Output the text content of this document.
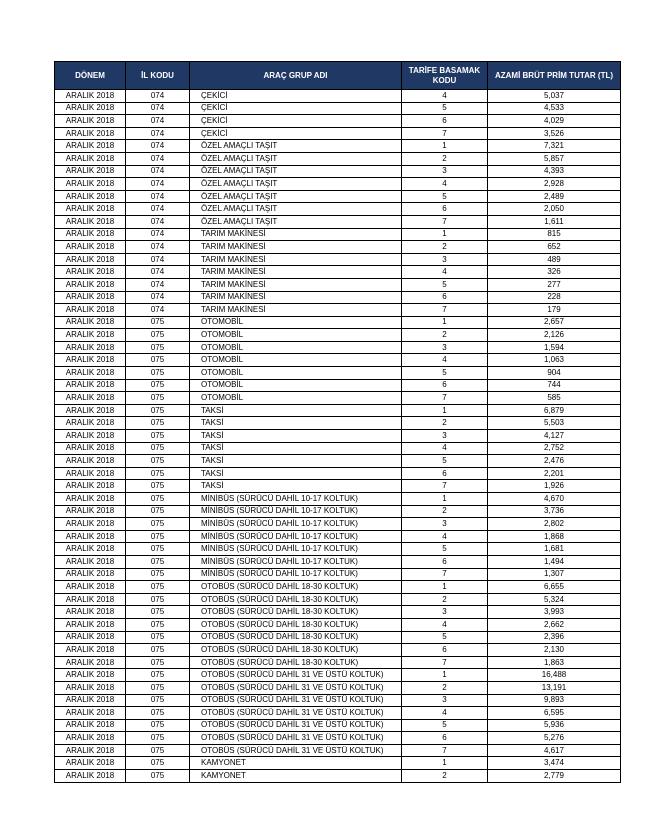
DÖNEM	İL KODU	ARAÇ GRUP ADI	TARİFE BASAMAK KODU	AZAMİ BRÜT PRİM TUTAR (TL)
ARALIK 2018	074	ÇEKİCİ	4	5,037
ARALIK 2018	074	ÇEKİCİ	5	4,533
ARALIK 2018	074	ÇEKİCİ	6	4,029
ARALIK 2018	074	ÇEKİCİ	7	3,526
ARALIK 2018	074	ÖZEL AMAÇLI TAŞIT	1	7,321
ARALIK 2018	074	ÖZEL AMAÇLI TAŞIT	2	5,857
ARALIK 2018	074	ÖZEL AMAÇLI TAŞIT	3	4,393
ARALIK 2018	074	ÖZEL AMAÇLI TAŞIT	4	2,928
ARALIK 2018	074	ÖZEL AMAÇLI TAŞIT	5	2,489
ARALIK 2018	074	ÖZEL AMAÇLI TAŞIT	6	2,050
ARALIK 2018	074	ÖZEL AMAÇLI TAŞIT	7	1,611
ARALIK 2018	074	TARIM MAKİNESİ	1	815
ARALIK 2018	074	TARIM MAKİNESİ	2	652
ARALIK 2018	074	TARIM MAKİNESİ	3	489
ARALIK 2018	074	TARIM MAKİNESİ	4	326
ARALIK 2018	074	TARIM MAKİNESİ	5	277
ARALIK 2018	074	TARIM MAKİNESİ	6	228
ARALIK 2018	074	TARIM MAKİNESİ	7	179
ARALIK 2018	075	OTOMOBİL	1	2,657
ARALIK 2018	075	OTOMOBİL	2	2,126
ARALIK 2018	075	OTOMOBİL	3	1,594
ARALIK 2018	075	OTOMOBİL	4	1,063
ARALIK 2018	075	OTOMOBİL	5	904
ARALIK 2018	075	OTOMOBİL	6	744
ARALIK 2018	075	OTOMOBİL	7	585
ARALIK 2018	075	TAKSİ	1	6,879
ARALIK 2018	075	TAKSİ	2	5,503
ARALIK 2018	075	TAKSİ	3	4,127
ARALIK 2018	075	TAKSİ	4	2,752
ARALIK 2018	075	TAKSİ	5	2,476
ARALIK 2018	075	TAKSİ	6	2,201
ARALIK 2018	075	TAKSİ	7	1,926
ARALIK 2018	075	MİNİBÜS (SÜRÜCÜ DAHİL 10-17 KOLTUK)	1	4,670
ARALIK 2018	075	MİNİBÜS (SÜRÜCÜ DAHİL 10-17 KOLTUK)	2	3,736
ARALIK 2018	075	MİNİBÜS (SÜRÜCÜ DAHİL 10-17 KOLTUK)	3	2,802
ARALIK 2018	075	MİNİBÜS (SÜRÜCÜ DAHİL 10-17 KOLTUK)	4	1,868
ARALIK 2018	075	MİNİBÜS (SÜRÜCÜ DAHİL 10-17 KOLTUK)	5	1,681
ARALIK 2018	075	MİNİBÜS (SÜRÜCÜ DAHİL 10-17 KOLTUK)	6	1,494
ARALIK 2018	075	MİNİBÜS (SÜRÜCÜ DAHİL 10-17 KOLTUK)	7	1,307
ARALIK 2018	075	OTOBÜS (SÜRÜCÜ DAHİL 18-30 KOLTUK)	1	6,655
ARALIK 2018	075	OTOBÜS (SÜRÜCÜ DAHİL 18-30 KOLTUK)	2	5,324
ARALIK 2018	075	OTOBÜS (SÜRÜCÜ DAHİL 18-30 KOLTUK)	3	3,993
ARALIK 2018	075	OTOBÜS (SÜRÜCÜ DAHİL 18-30 KOLTUK)	4	2,662
ARALIK 2018	075	OTOBÜS (SÜRÜCÜ DAHİL 18-30 KOLTUK)	5	2,396
ARALIK 2018	075	OTOBÜS (SÜRÜCÜ DAHİL 18-30 KOLTUK)	6	2,130
ARALIK 2018	075	OTOBÜS (SÜRÜCÜ DAHİL 18-30 KOLTUK)	7	1,863
ARALIK 2018	075	OTOBÜS (SÜRÜCÜ DAHİL 31 VE ÜSTÜ KOLTUK)	1	16,488
ARALIK 2018	075	OTOBÜS (SÜRÜCÜ DAHİL 31 VE ÜSTÜ KOLTUK)	2	13,191
ARALIK 2018	075	OTOBÜS (SÜRÜCÜ DAHİL 31 VE ÜSTÜ KOLTUK)	3	9,893
ARALIK 2018	075	OTOBÜS (SÜRÜCÜ DAHİL 31 VE ÜSTÜ KOLTUK)	4	6,595
ARALIK 2018	075	OTOBÜS (SÜRÜCÜ DAHİL 31 VE ÜSTÜ KOLTUK)	5	5,936
ARALIK 2018	075	OTOBÜS (SÜRÜCÜ DAHİL 31 VE ÜSTÜ KOLTUK)	6	5,276
ARALIK 2018	075	OTOBÜS (SÜRÜCÜ DAHİL 31 VE ÜSTÜ KOLTUK)	7	4,617
ARALIK 2018	075	KAMYONET	1	3,474
ARALIK 2018	075	KAMYONET	2	2,779
